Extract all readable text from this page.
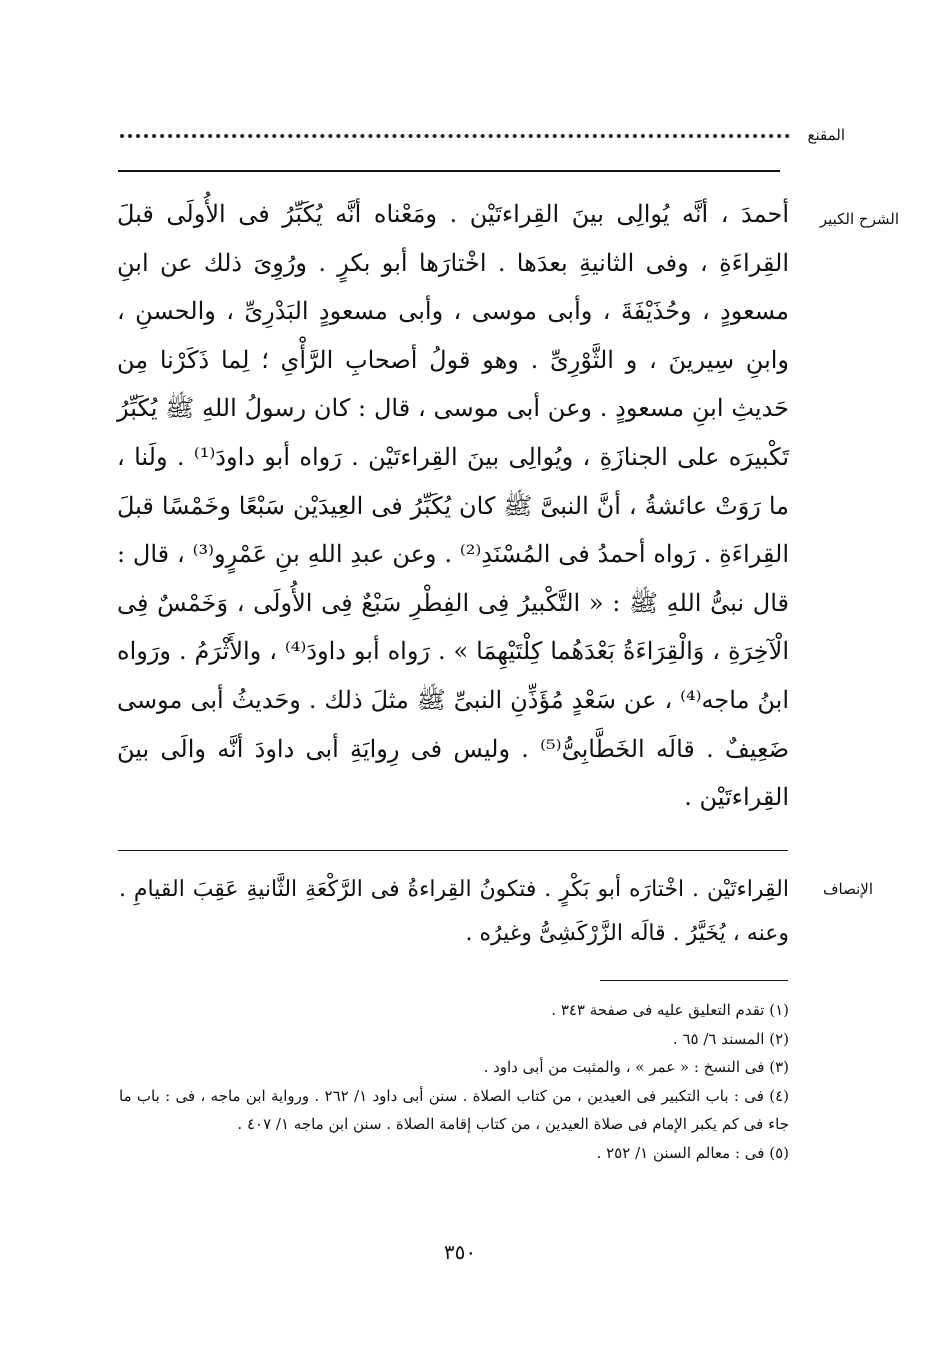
المقنع
الشرح الكبير

أحمدَ ، أنَّه يُوالِى بينَ القِراءتَيْن . ومَعْناه أنَّه يُكَبِّرُ فى الأُولَى قبلَ القِراءَةِ ، وفى الثانيةِ بعدَها . اخْتارَها أبو بكرٍ . ورُوِىَ ذلك عن ابنِ مسعودٍ ، وحُذَيْفَةَ ، وأبى موسى ، وأبى مسعودٍ البَدْرِىِّ ، والحسنِ ، وابنِ سِيرينَ ، و الثَّوْرِىِّ . وهو قولُ أصحابِ الرَّأْىِ ؛ لِما ذَكَرْنا مِن حَديثِ ابنِ مسعودٍ . وعن أبى موسى ، قال : كان رسولُ اللهِ ﷺ يُكَبِّرُ تَكْبيرَه على الجنازَةِ ، ويُوالِى بينَ القِراءتَيْن . رَواه أبو داودَ⁽¹⁾ . ولَنا ، ما رَوَتْ عائشةُ ، أنَّ النبىَّ ﷺ كان يُكَبِّرُ فى العِيدَيْن سَبْعًا وخَمْسًا قبلَ القِراءَةِ . رَواه أحمدُ فى المُسْنَدِ⁽²⁾ . وعن عبدِ اللهِ بنِ عَمْرٍو⁽³⁾ ، قال : قال نبىُّ اللهِ ﷺ : « التَّكْبيرُ فِى الفِطْرِ سَبْعٌ فِى الأُولَى ، وَخَمْسٌ فِى الْآخِرَةِ ، وَالْقِرَاءَةُ بَعْدَهُما كِلْتَيْهِمَا » . رَواه أبو داودَ⁽⁴⁾ ، والأَثْرَمُ . ورَواه ابنُ ماجه⁽⁴⁾ ، عن سَعْدٍ مُؤَذِّنِ النبىِّ ﷺ مثلَ ذلك . وحَديثُ أبى موسى ضَعِيفٌ . قالَه الخَطَّابِىُّ⁽⁵⁾ . وليس فى رِوايَةِ أبى داودَ أنَّه والَى بينَ القِراءتَيْن .

الإنصاف

القِراءتَيْن . اخْتارَه أبو بَكْرٍ . فتكونُ القِراءةُ فى الرَّكْعَةِ الثَّانيةِ عَقِبَ القيامِ . وعنه ، يُخَيَّرُ . قالَه الزَّرْكَشِىُّ وغيرُه .

(١) تقدم التعليق عليه فى صفحة ٣٤٣ .

(٢) المسند ٦/ ٦٥ .

(٣) فى النسخ : « عمر » ، والمثبت من أبى داود .

(٤) فى : باب التكبير فى العيدين ، من كتاب الصلاة . سنن أبى داود ١/ ٢٦٢ . ورواية ابن ماجه ، فى : باب ما جاء فى كم يكبر الإمام فى صلاة العيدين ، من كتاب إقامة الصلاة . سنن ابن ماجه ١/ ٤٠٧ .

(٥) فى : معالم السنن ١/ ٢٥٢ .

٣٥٠
